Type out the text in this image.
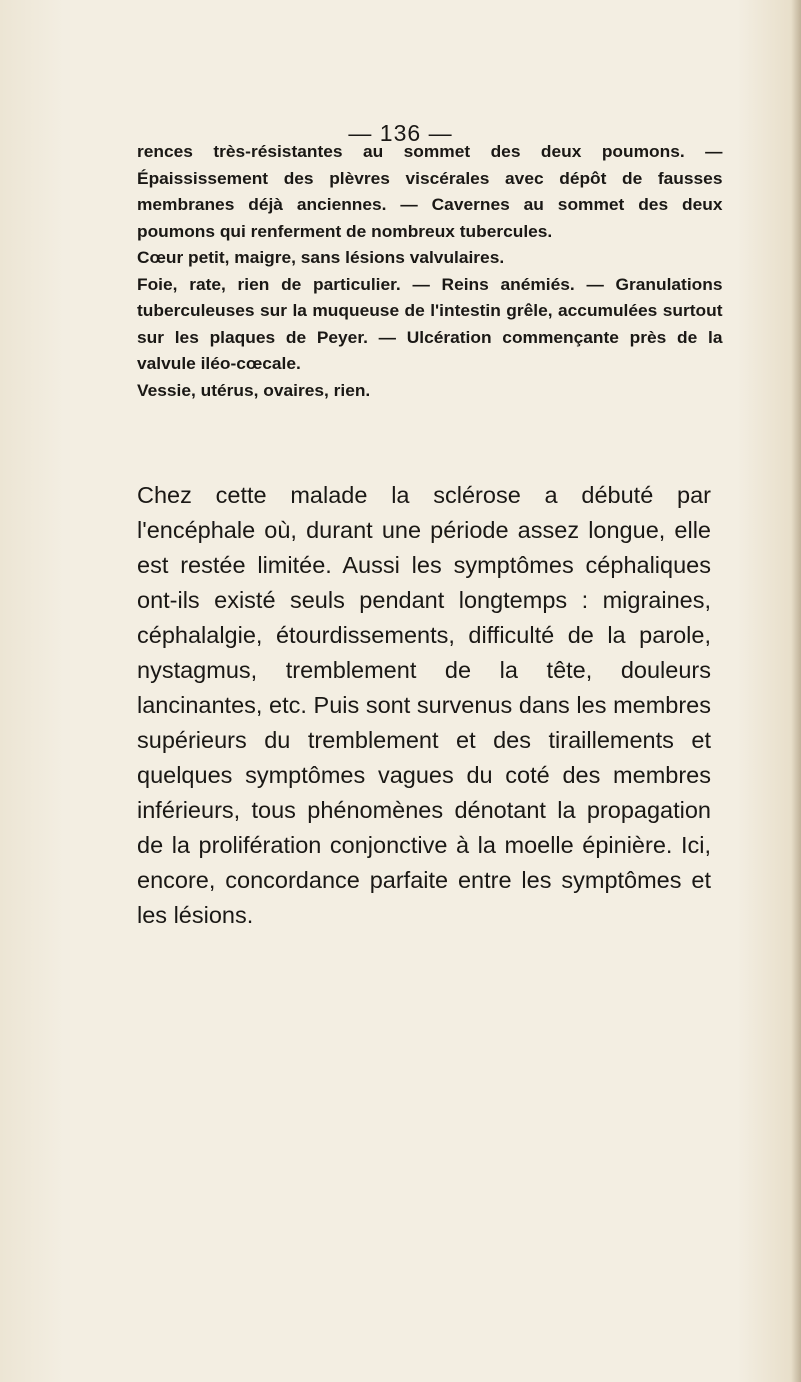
— 136 —

rences très-résistantes au sommet des deux poumons. — Épaississement des plèvres viscérales avec dépôt de fausses membranes déjà anciennes. — Cavernes au sommet des deux poumons qui renferment de nombreux tubercules.

Cœur petit, maigre, sans lésions valvulaires.

Foie, rate, rien de particulier. — Reins anémiés. — Granulations tuberculeuses sur la muqueuse de l'intestin grêle, accumulées surtout sur les plaques de Peyer. — Ulcération commençante près de la valvule iléo-cœcale.

Vessie, utérus, ovaires, rien.

Chez cette malade la sclérose a débuté par l'encéphale où, durant une période assez longue, elle est restée limitée. Aussi les symptômes céphaliques ont-ils existé seuls pendant longtemps : migraines, céphalalgie, étourdissements, difficulté de la parole, nystagmus, tremblement de la tête, douleurs lancinantes, etc. Puis sont survenus dans les membres supérieurs du tremblement et des tiraillements et quelques symptômes vagues du coté des membres inférieurs, tous phénomènes dénotant la propagation de la prolifération conjonctive à la moelle épinière. Ici, encore, concordance parfaite entre les symptômes et les lésions.
